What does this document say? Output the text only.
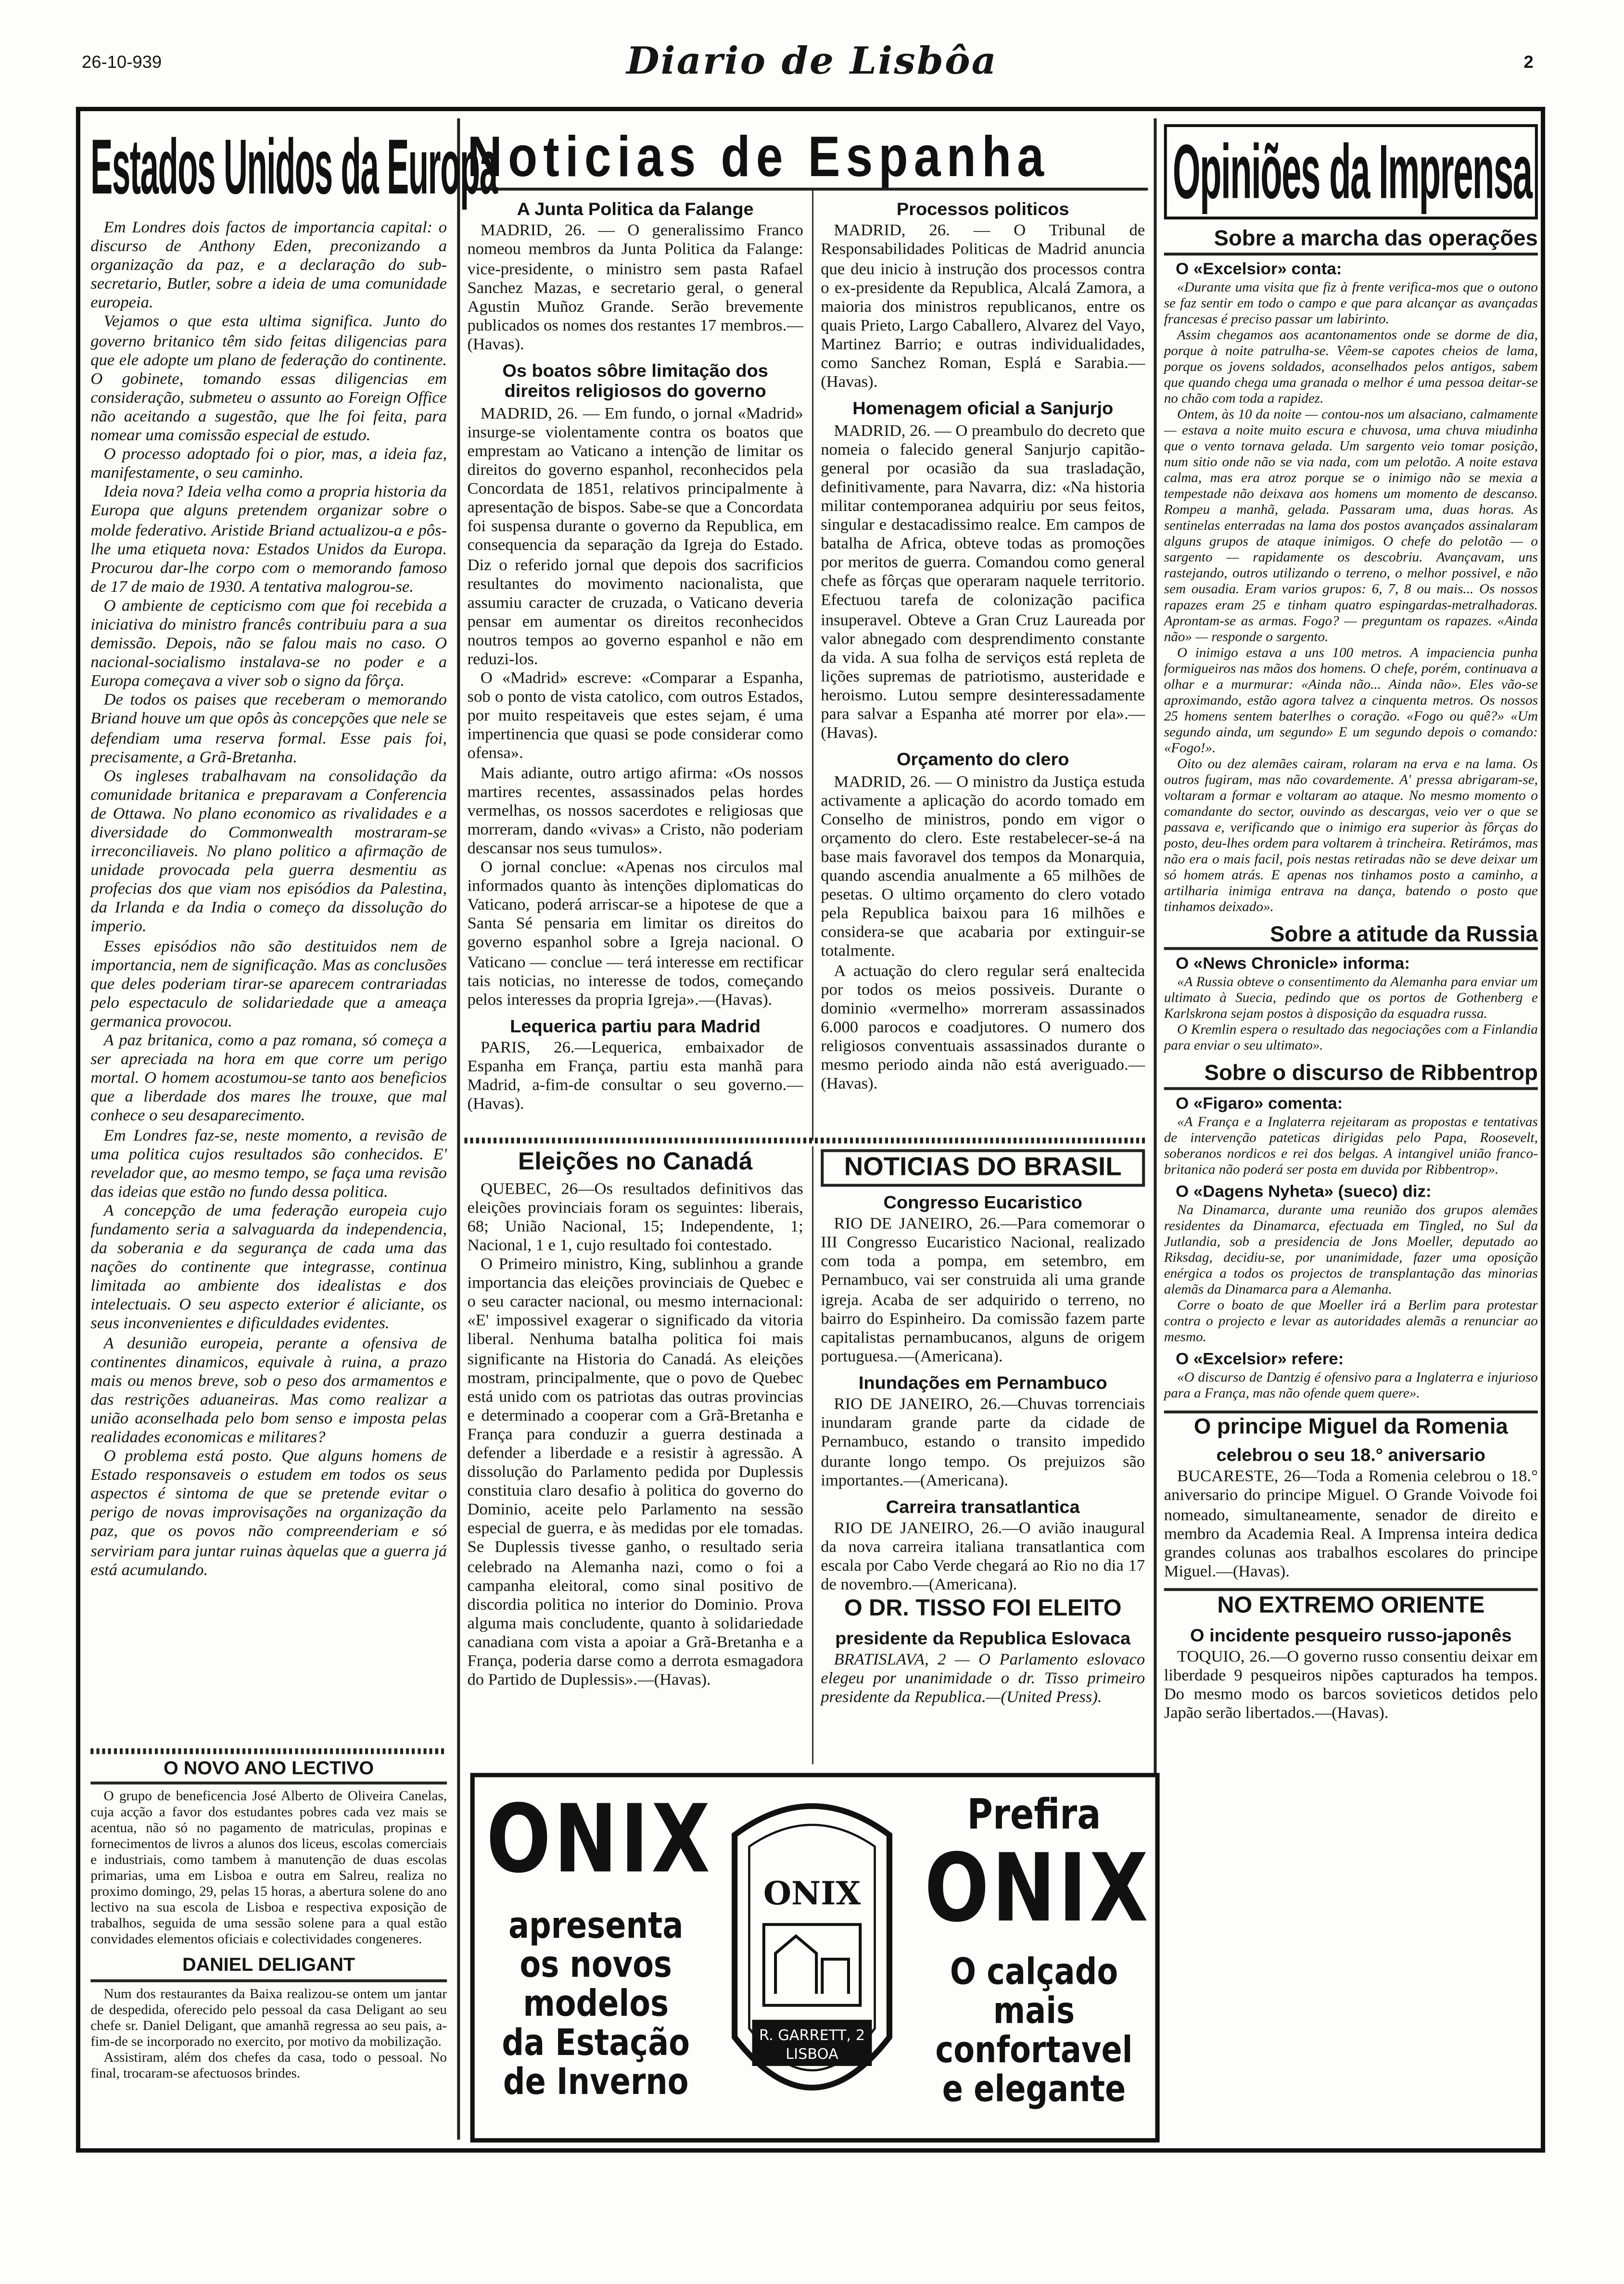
26-10-939	Diario de Lisbôa	2
Estados Unidos da Europa

Em Londres dois factos de importancia capital: o discurso de Anthony Eden, preconizando a organização da paz, e a declaração do sub-secretario, Butler, sobre a ideia de uma comunidade europeia.

Vejamos o que esta ultima significa. Junto do governo britanico têm sido feitas diligencias para que ele adopte um plano de federação do continente. O gobinete, tomando essas diligencias em consideração, submeteu o assunto ao Foreign Office não aceitando a sugestão, que lhe foi feita, para nomear uma comissão especial de estudo.

O processo adoptado foi o pior, mas, a ideia faz, manifestamente, o seu caminho.

Ideia nova? Ideia velha como a propria historia da Europa que alguns pretendem organizar sobre o molde federativo. Aristide Briand actualizou-a e pôs-lhe uma etiqueta nova: Estados Unidos da Europa. Procurou dar-lhe corpo com o memorando famoso de 17 de maio de 1930. A tentativa malogrou-se.

O ambiente de cepticismo com que foi recebida a iniciativa do ministro francês contribuiu para a sua demissão. Depois, não se falou mais no caso. O nacional-socialismo instalava-se no poder e a Europa começava a viver sob o signo da fôrça.

De todos os paises que receberam o memorando Briand houve um que opôs às concepções que nele se defendiam uma reserva formal. Esse pais foi, precisamente, a Grã-Bretanha.

Os ingleses trabalhavam na consolidação da comunidade britanica e preparavam a Conferencia de Ottawa. No plano economico as rivalidades e a diversidade do Commonwealth mostraram-se irreconciliaveis. No plano politico a afirmação de unidade provocada pela guerra desmentiu as profecias dos que viam nos episódios da Palestina, da Irlanda e da India o começo da dissolução do imperio.

Esses episódios não são destituidos nem de importancia, nem de significação. Mas as conclusões que deles poderiam tirar-se aparecem contrariadas pelo espectaculo de solidariedade que a ameaça germanica provocou.

A paz britanica, como a paz romana, só começa a ser apreciada na hora em que corre um perigo mortal. O homem acostumou-se tanto aos beneficios que a liberdade dos mares lhe trouxe, que mal conhece o seu desaparecimento.

Em Londres faz-se, neste momento, a revisão de uma politica cujos resultados são conhecidos. E' revelador que, ao mesmo tempo, se faça uma revisão das ideias que estão no fundo dessa politica.

A concepção de uma federação europeia cujo fundamento seria a salvaguarda da independencia, da soberania e da segurança de cada uma das nações do continente que integrasse, continua limitada ao ambiente dos idealistas e dos intelectuais. O seu aspecto exterior é aliciante, os seus inconvenientes e dificuldades evidentes.

A desunião europeia, perante a ofensiva de continentes dinamicos, equivale à ruina, a prazo mais ou menos breve, sob o peso dos armamentos e das restrições aduaneiras. Mas como realizar a união aconselhada pelo bom senso e imposta pelas realidades economicas e militares?

O problema está posto. Que alguns homens de Estado responsaveis o estudem em todos os seus aspectos é sintoma de que se pretende evitar o perigo de novas improvisações na organização da paz, que os povos não compreenderiam e só serviriam para juntar ruinas àquelas que a guerra já está acumulando.

O NOVO ANO LECTIVO

O grupo de beneficencia José Alberto de Oliveira Canelas, cuja acção a favor dos estudantes pobres cada vez mais se acentua, não só no pagamento de matriculas, propinas e fornecimentos de livros a alunos dos liceus, escolas comerciais e industriais, como tambem à manutenção de duas escolas primarias, uma em Lisboa e outra em Salreu, realiza no proximo domingo, 29, pelas 15 horas, a abertura solene do ano lectivo na sua escola de Lisboa e respectiva exposição de trabalhos, seguida de uma sessão solene para a qual estão convidades elementos oficiais e colectividades congeneres.

DANIEL DELIGANT

Num dos restaurantes da Baixa realizou-se ontem um jantar de despedida, oferecido pelo pessoal da casa Deligant ao seu chefe sr. Daniel Deligant, que amanhã regressa ao seu pais, a-fim-de se incorporado no exercito, por motivo da mobilização.

Assistiram, além dos chefes da casa, todo o pessoal. No final, trocaram-se afectuosos brindes.

Noticias de Espanha
A Junta Politica da Falange

MADRID, 26. — O generalissimo Franco nomeou membros da Junta Politica da Falange: vice-presidente, o ministro sem pasta Rafael Sanchez Mazas, e secretario geral, o general Agustin Muñoz Grande. Serão brevemente publicados os nomes dos restantes 17 membros.—(Havas).

Os boatos sôbre limitação dos direitos religiosos do governo

MADRID, 26. — Em fundo, o jornal «Madrid» insurge-se violentamente contra os boatos que emprestam ao Vaticano a intenção de limitar os direitos do governo espanhol, reconhecidos pela Concordata de 1851, relativos principalmente à apresentação de bispos. Sabe-se que a Concordata foi suspensa durante o governo da Republica, em consequencia da separação da Igreja do Estado. Diz o referido jornal que depois dos sacrificios resultantes do movimento nacionalista, que assumiu caracter de cruzada, o Vaticano deveria pensar em aumentar os direitos reconhecidos noutros tempos ao governo espanhol e não em reduzi-los.

O «Madrid» escreve: «Comparar a Espanha, sob o ponto de vista catolico, com outros Estados, por muito respeitaveis que estes sejam, é uma impertinencia que quasi se pode considerar como ofensa».

Mais adiante, outro artigo afirma: «Os nossos martires recentes, assassinados pelas hordes vermelhas, os nossos sacerdotes e religiosas que morreram, dando «vivas» a Cristo, não poderiam descansar nos seus tumulos».

O jornal conclue: «Apenas nos circulos mal informados quanto às intenções diplomaticas do Vaticano, poderá arriscar-se a hipotese de que a Santa Sé pensaria em limitar os direitos do governo espanhol sobre a Igreja nacional. O Vaticano — conclue — terá interesse em rectificar tais noticias, no interesse de todos, começando pelos interesses da propria Igreja».—(Havas).

Lequerica partiu para Madrid

PARIS, 26.—Lequerica, embaixador de Espanha em França, partiu esta manhã para Madrid, a-fim-de consultar o seu governo.—(Havas).

Processos politicos

MADRID, 26. — O Tribunal de Responsabilidades Politicas de Madrid anuncia que deu inicio à instrução dos processos contra o ex-presidente da Republica, Alcalá Zamora, a maioria dos ministros republicanos, entre os quais Prieto, Largo Caballero, Alvarez del Vayo, Martinez Barrio; e outras individualidades, como Sanchez Roman, Esplá e Sarabia.—(Havas).

Homenagem oficial a Sanjurjo

MADRID, 26. — O preambulo do decreto que nomeia o falecido general Sanjurjo capitão-general por ocasião da sua trasladação, definitivamente, para Navarra, diz: «Na historia militar contemporanea adquiriu por seus feitos, singular e destacadissimo realce. Em campos de batalha de Africa, obteve todas as promoções por meritos de guerra. Comandou como general chefe as fôrças que operaram naquele territorio. Efectuou tarefa de colonização pacifica insuperavel. Obteve a Gran Cruz Laureada por valor abnegado com desprendimento constante da vida. A sua folha de serviços está repleta de lições supremas de patriotismo, austeridade e heroismo. Lutou sempre desinteressadamente para salvar a Espanha até morrer por ela».—(Havas).

Orçamento do clero

MADRID, 26. — O ministro da Justiça estuda activamente a aplicação do acordo tomado em Conselho de ministros, pondo em vigor o orçamento do clero. Este restabelecer-se-á na base mais favoravel dos tempos da Monarquia, quando ascendia anualmente a 65 milhões de pesetas. O ultimo orçamento do clero votado pela Republica baixou para 16 milhões e considera-se que acabaria por extinguir-se totalmente.

A actuação do clero regular será enaltecida por todos os meios possiveis. Durante o dominio «vermelho» morreram assassinados 6.000 parocos e coadjutores. O numero dos religiosos conventuais assassinados durante o mesmo periodo ainda não está averiguado.—(Havas).

Eleições no Canadá

QUEBEC, 26—Os resultados definitivos das eleições provinciais foram os seguintes: liberais, 68; União Nacional, 15; Independente, 1; Nacional, 1 e 1, cujo resultado foi contestado.

O Primeiro ministro, King, sublinhou a grande importancia das eleições provinciais de Quebec e o seu caracter nacional, ou mesmo internacional: «E' impossivel exagerar o significado da vitoria liberal. Nenhuma batalha politica foi mais significante na Historia do Canadá. As eleições mostram, principalmente, que o povo de Quebec está unido com os patriotas das outras provincias e determinado a cooperar com a Grã-Bretanha e França para conduzir a guerra destinada a defender a liberdade e a resistir à agressão. A dissolução do Parlamento pedida por Duplessis constituia claro desafio à politica do governo do Dominio, aceite pelo Parlamento na sessão especial de guerra, e às medidas por ele tomadas. Se Duplessis tivesse ganho, o resultado seria celebrado na Alemanha nazi, como o foi a campanha eleitoral, como sinal positivo de discordia politica no interior do Dominio. Prova alguma mais concludente, quanto à solidariedade canadiana com vista a apoiar a Grã-Bretanha e a França, poderia darse como a derrota esmagadora do Partido de Duplessis».—(Havas).

NOTICIAS DO BRASIL
Congresso Eucaristico

RIO DE JANEIRO, 26.—Para comemorar o III Congresso Eucaristico Nacional, realizado com toda a pompa, em setembro, em Pernambuco, vai ser construida ali uma grande igreja. Acaba de ser adquirido o terreno, no bairro do Espinheiro. Da comissão fazem parte capitalistas pernambucanos, alguns de origem portuguesa.—(Americana).

Inundações em Pernambuco

RIO DE JANEIRO, 26.—Chuvas torrenciais inundaram grande parte da cidade de Pernambuco, estando o transito impedido durante longo tempo. Os prejuizos são importantes.—(Americana).

Carreira transatlantica

RIO DE JANEIRO, 26.—O avião inaugural da nova carreira italiana transatlantica com escala por Cabo Verde chegará ao Rio no dia 17 de novembro.—(Americana).

O DR. TISSO FOI ELEITO
presidente da Republica Eslovaca

BRATISLAVA, 2 — O Parlamento eslovaco elegeu por unanimidade o dr. Tisso primeiro presidente da Republica.—(United Press).

ONIX
apresenta
os novos
modelos
da Estação
de Inverno
ONIX
R. GARRETT, 2
LISBOA
Prefira
ONIX
O calçado
mais
confortavel
e elegante
Opiniões da Imprensa
Sobre a marcha das operações
O «Excelsior» conta:

«Durante uma visita que fiz à frente verifica-mos que o outono se faz sentir em todo o campo e que para alcançar as avançadas francesas é preciso passar um labirinto.

Assim chegamos aos acantonamentos onde se dorme de dia, porque à noite patrulha-se. Vêem-se capotes cheios de lama, porque os jovens soldados, aconselhados pelos antigos, sabem que quando chega uma granada o melhor é uma pessoa deitar-se no chão com toda a rapidez.

Ontem, às 10 da noite — contou-nos um alsaciano, calmamente — estava a noite muito escura e chuvosa, uma chuva miudinha que o vento tornava gelada. Um sargento veio tomar posição, num sitio onde não se via nada, com um pelotão. A noite estava calma, mas era atroz porque se o inimigo não se mexia a tempestade não deixava aos homens um momento de descanso. Rompeu a manhã, gelada. Passaram uma, duas horas. As sentinelas enterradas na lama dos postos avançados assinalaram alguns grupos de ataque inimigos. O chefe do pelotão — o sargento — rapidamente os descobriu. Avançavam, uns rastejando, outros utilizando o terreno, o melhor possivel, e não sem ousadia. Eram varios grupos: 6, 7, 8 ou mais... Os nossos rapazes eram 25 e tinham quatro espingardas-metralhadoras. Aprontam-se as armas. Fogo? — preguntam os rapazes. «Ainda não» — responde o sargento.

O inimigo estava a uns 100 metros. A impaciencia punha formigueiros nas mãos dos homens. O chefe, porém, continuava a olhar e a murmurar: «Ainda não... Ainda não». Eles vão-se aproximando, estão agora talvez a cinquenta metros. Os nossos 25 homens sentem baterlhes o coração. «Fogo ou quê?» «Um segundo ainda, um segundo» E um segundo depois o comando: «Fogo!».

Oito ou dez alemães cairam, rolaram na erva e na lama. Os outros fugiram, mas não covardemente. A' pressa abrigaram-se, voltaram a formar e voltaram ao ataque. No mesmo momento o comandante do sector, ouvindo as descargas, veio ver o que se passava e, verificando que o inimigo era superior às fôrças do posto, deu-lhes ordem para voltarem à trincheira. Retirámos, mas não era o mais facil, pois nestas retiradas não se deve deixar um só homem atrás. E apenas nos tinhamos posto a caminho, a artilharia inimiga entrava na dança, batendo o posto que tinhamos deixado».

Sobre a atitude da Russia
O «News Chronicle» informa:

«A Russia obteve o consentimento da Alemanha para enviar um ultimato à Suecia, pedindo que os portos de Gothenberg e Karlskrona sejam postos à disposição da esquadra russa.

O Kremlin espera o resultado das negociações com a Finlandia para enviar o seu ultimato».

Sobre o discurso de Ribbentrop
O «Figaro» comenta:

«A França e a Inglaterra rejeitaram as propostas e tentativas de intervenção pateticas dirigidas pelo Papa, Roosevelt, soberanos nordicos e rei dos belgas. A intangivel união franco-britanica não poderá ser posta em duvida por Ribbentrop».

O «Dagens Nyheta» (sueco) diz:

Na Dinamarca, durante uma reunião dos grupos alemães residentes da Dinamarca, efectuada em Tingled, no Sul da Jutlandia, sob a presidencia de Jons Moeller, deputado ao Riksdag, decidiu-se, por unanimidade, fazer uma oposição enérgica a todos os projectos de transplantação das minorias alemãs da Dinamarca para a Alemanha.

Corre o boato de que Moeller irá a Berlim para protestar contra o projecto e levar as autoridades alemãs a renunciar ao mesmo.

O «Excelsior» refere:

«O discurso de Dantzig é ofensivo para a Inglaterra e injurioso para a França, mas não ofende quem quere».

O principe Miguel da Romenia
celebrou o seu 18.° aniversario

BUCARESTE, 26—Toda a Romenia celebrou o 18.° aniversario do principe Miguel. O Grande Voivode foi nomeado, simultaneamente, senador de direito e membro da Academia Real. A Imprensa inteira dedica grandes colunas aos trabalhos escolares do principe Miguel.—(Havas).

NO EXTREMO ORIENTE
O incidente pesqueiro russo-japonês

TOQUIO, 26.—O governo russo consentiu deixar em liberdade 9 pesqueiros nipões capturados ha tempos. Do mesmo modo os barcos sovieticos detidos pelo Japão serão libertados.—(Havas).
